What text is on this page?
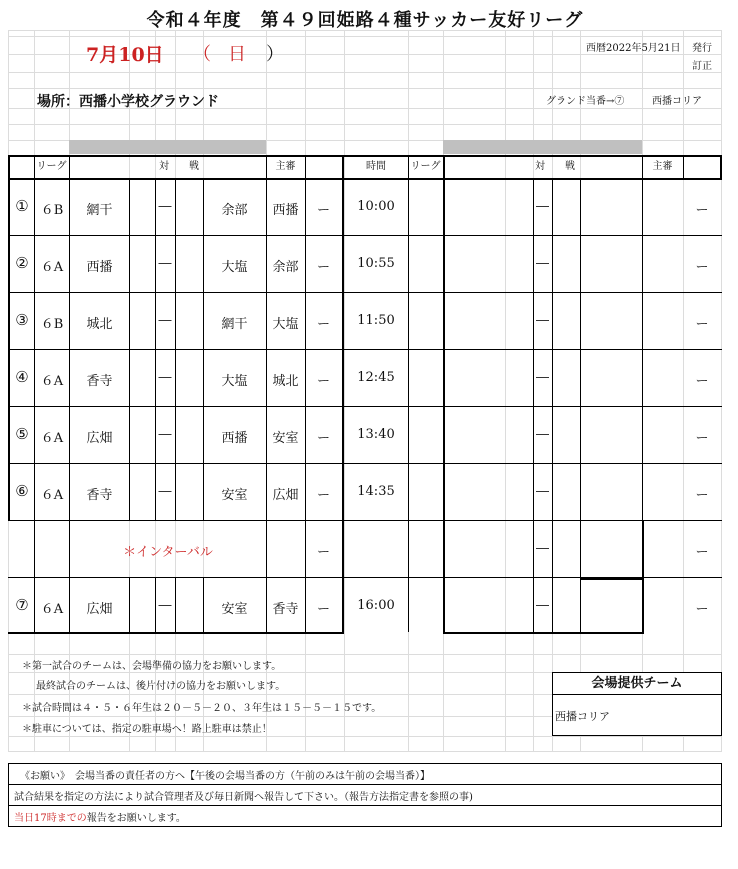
令和４年度　第４９回姫路４種サッカー友好リーグ
7月10日 （ 日 ）	西暦2022年5月21日 発行
訂正
場所：西播小学校グラウンド	グランド当番→⑦	西播コリア
リーグ	対　　戦	主審	時間	リーグ	対　　戦	主審
① ６B	網干	―	余部	西播	ー	10:00	―	ー
② ６A	西播	―	大塩	余部	ー	10:55	―	ー
③ ６B	城北	―	網干	大塩	ー	11:50	―	ー
④ ６A	香寺	―	大塩	城北	ー	12:45	―	ー
⑤ ６A	広畑	―	西播	安室	ー	13:40	―	ー
⑥ ６A	香寺	―	安室	広畑	ー	14:35	―	ー
＊インターバル	ー	―	ー
⑦ ６A	広畑	―	安室	香寺	ー	16:00	―	ー
＊第一試合のチームは、会場準備の協力をお願いします。
最終試合のチームは、後片付けの協力をお願いします。
＊試合時間は４・５・６年生は２０－５－２０、３年生は１５－５－１５です。
＊駐車については、指定の駐車場へ！路上駐車は禁止！
会場提供チーム
西播コリア
《お願い》　会場当番の責任者の方へ【午後の会場当番の方（午前のみは午前の会場当番）】
試合結果を指定の方法により試合管理者及び毎日新聞へ報告して下さい。（報告方法指定書を参照の事)
当日17時までの報告をお願いします。
